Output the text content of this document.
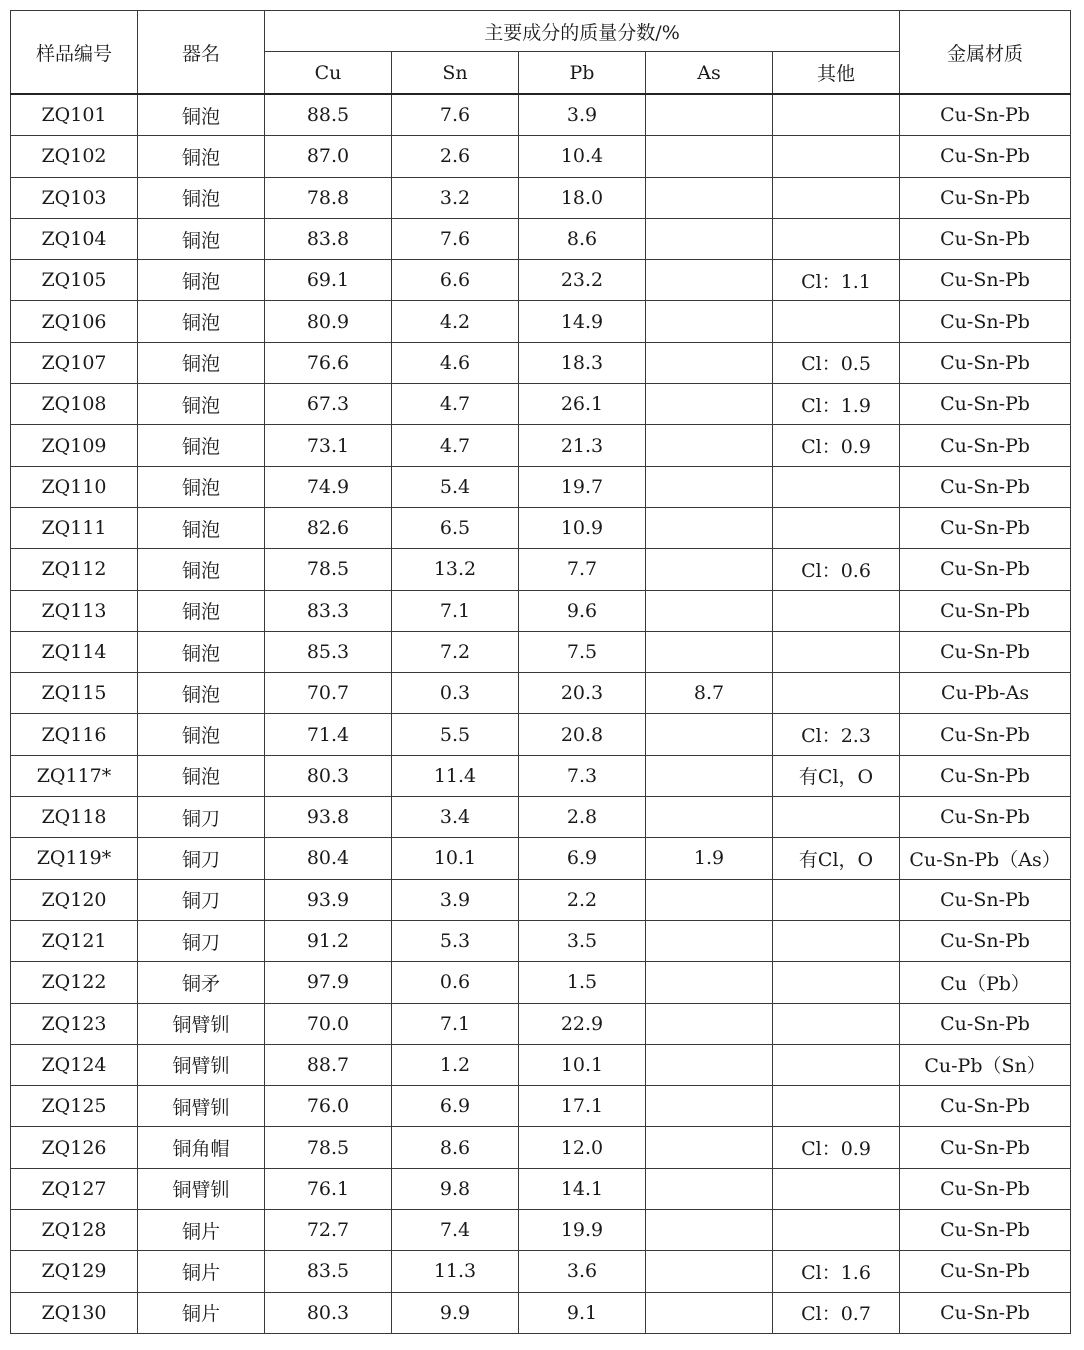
样品编号	器名	主要成分的质量分数/%					金属材质
		Cu	Sn	Pb	As	其他	
ZQ101	铜泡	88.5	7.6	3.9			Cu-Sn-Pb
ZQ102	铜泡	87.0	2.6	10.4			Cu-Sn-Pb
ZQ103	铜泡	78.8	3.2	18.0			Cu-Sn-Pb
ZQ104	铜泡	83.8	7.6	8.6			Cu-Sn-Pb
ZQ105	铜泡	69.1	6.6	23.2		Cl：1.1	Cu-Sn-Pb
ZQ106	铜泡	80.9	4.2	14.9			Cu-Sn-Pb
ZQ107	铜泡	76.6	4.6	18.3		Cl：0.5	Cu-Sn-Pb
ZQ108	铜泡	67.3	4.7	26.1		Cl：1.9	Cu-Sn-Pb
ZQ109	铜泡	73.1	4.7	21.3		Cl：0.9	Cu-Sn-Pb
ZQ110	铜泡	74.9	5.4	19.7			Cu-Sn-Pb
ZQ111	铜泡	82.6	6.5	10.9			Cu-Sn-Pb
ZQ112	铜泡	78.5	13.2	7.7		Cl：0.6	Cu-Sn-Pb
ZQ113	铜泡	83.3	7.1	9.6			Cu-Sn-Pb
ZQ114	铜泡	85.3	7.2	7.5			Cu-Sn-Pb
ZQ115	铜泡	70.7	0.3	20.3	8.7		Cu-Pb-As
ZQ116	铜泡	71.4	5.5	20.8		Cl：2.3	Cu-Sn-Pb
ZQ117*	铜泡	80.3	11.4	7.3		有Cl，O	Cu-Sn-Pb
ZQ118	铜刀	93.8	3.4	2.8			Cu-Sn-Pb
ZQ119*	铜刀	80.4	10.1	6.9	1.9	有Cl，O	Cu-Sn-Pb（As）
ZQ120	铜刀	93.9	3.9	2.2			Cu-Sn-Pb
ZQ121	铜刀	91.2	5.3	3.5			Cu-Sn-Pb
ZQ122	铜矛	97.9	0.6	1.5			Cu（Pb）
ZQ123	铜臂钏	70.0	7.1	22.9			Cu-Sn-Pb
ZQ124	铜臂钏	88.7	1.2	10.1			Cu-Pb（Sn）
ZQ125	铜臂钏	76.0	6.9	17.1			Cu-Sn-Pb
ZQ126	铜角帽	78.5	8.6	12.0		Cl：0.9	Cu-Sn-Pb
ZQ127	铜臂钏	76.1	9.8	14.1			Cu-Sn-Pb
ZQ128	铜片	72.7	7.4	19.9			Cu-Sn-Pb
ZQ129	铜片	83.5	11.3	3.6		Cl：1.6	Cu-Sn-Pb
ZQ130	铜片	80.3	9.9	9.1		Cl：0.7	Cu-Sn-Pb
